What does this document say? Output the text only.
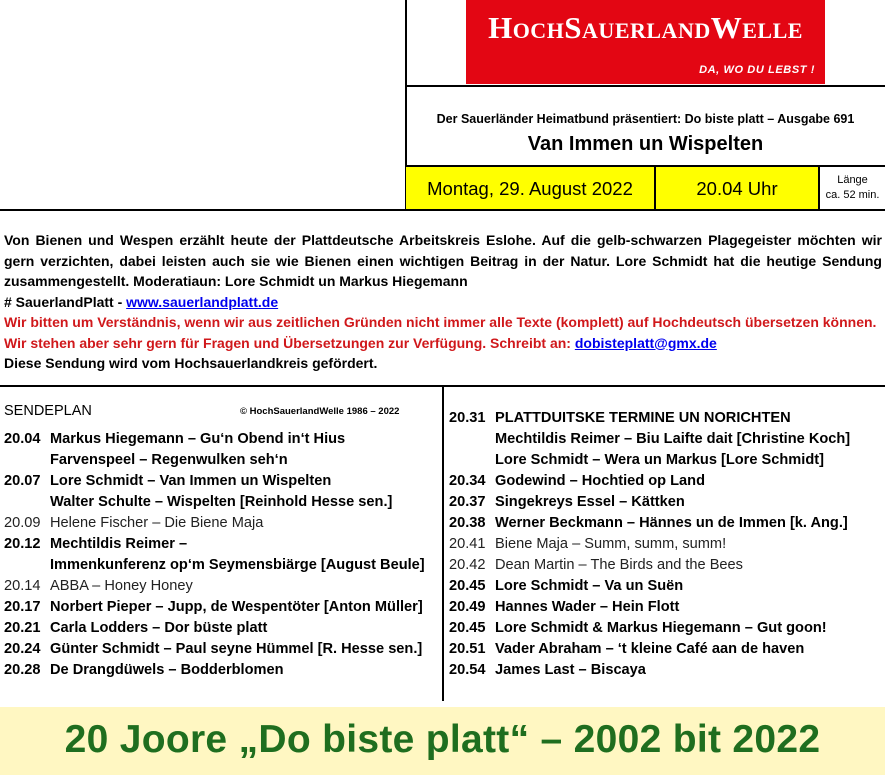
HochSauerlandWelle
DA, WO DU LEBST !
Der Sauerländer Heimatbund präsentiert: Do biste platt – Ausgabe 691
Van Immen un Wispelten
Montag, 29. August 2022	20.04 Uhr	Länge
ca. 52 min.

Von Bienen und Wespen erzählt heute der Plattdeutsche Arbeitskreis Eslohe. Auf die gelb-schwarzen Plagegeister möchten wir gern verzichten, dabei leisten auch sie wie Bienen einen wichtigen Beitrag in der Natur. Lore Schmidt hat die heutige Sendung zusammengestellt. Moderatiaun: Lore Schmidt un Markus Hiegemann

# SauerlandPlatt - www.sauerlandplatt.de

Wir bitten um Verständnis, wenn wir aus zeitlichen Gründen nicht immer alle Texte (komplett) auf Hochdeutsch übersetzen können. Wir stehen aber sehr gern für Fragen und Übersetzungen zur Verfügung. Schreibt an: dobisteplatt@gmx.de

Diese Sendung wird vom Hochsauerlandkreis gefördert.

SENDEPLAN
20.04 Markus Hiegemann – Gu‘n Obend in‘t Hius
Farvenspeel – Regenwulken seh‘n
20.07 Lore Schmidt – Van Immen un Wispelten
Walter Schulte – Wispelten [Reinhold Hesse sen.]
20.09 Helene Fischer – Die Biene Maja
20.12 Mechtildis Reimer –
Immenkunferenz op‘m Seymensbiärge [August Beule]
20.14 ABBA – Honey Honey
20.17 Norbert Pieper – Jupp, de Wespentöter [Anton Müller]
20.21 Carla Lodders – Dor büste platt
20.24 Günter Schmidt – Paul seyne Hümmel [R. Hesse sen.]
20.28 De Drangdüwels – Bodderblomen
© HochSauerlandWelle 1986 – 2022	20.31 PLATTDUITSKE TERMINE UN NORICHTEN
Mechtildis Reimer – Biu Laifte dait [Christine Koch]
Lore Schmidt – Wera un Markus [Lore Schmidt]
20.34 Godewind – Hochtied op Land
20.37 Singekreys Essel – Kättken
20.38 Werner Beckmann – Hännes un de Immen [k. Ang.]
20.41 Biene Maja – Summ, summ, summ!
20.42 Dean Martin – The Birds and the Bees
20.45 Lore Schmidt – Va un Suën
20.49 Hannes Wader – Hein Flott
20.45 Lore Schmidt & Markus Hiegemann – Gut goon!
20.51 Vader Abraham – ‘t kleine Café aan de haven
20.54 James Last – Biscaya
20 Joore „Do biste platt“ – 2002 bit 2022
